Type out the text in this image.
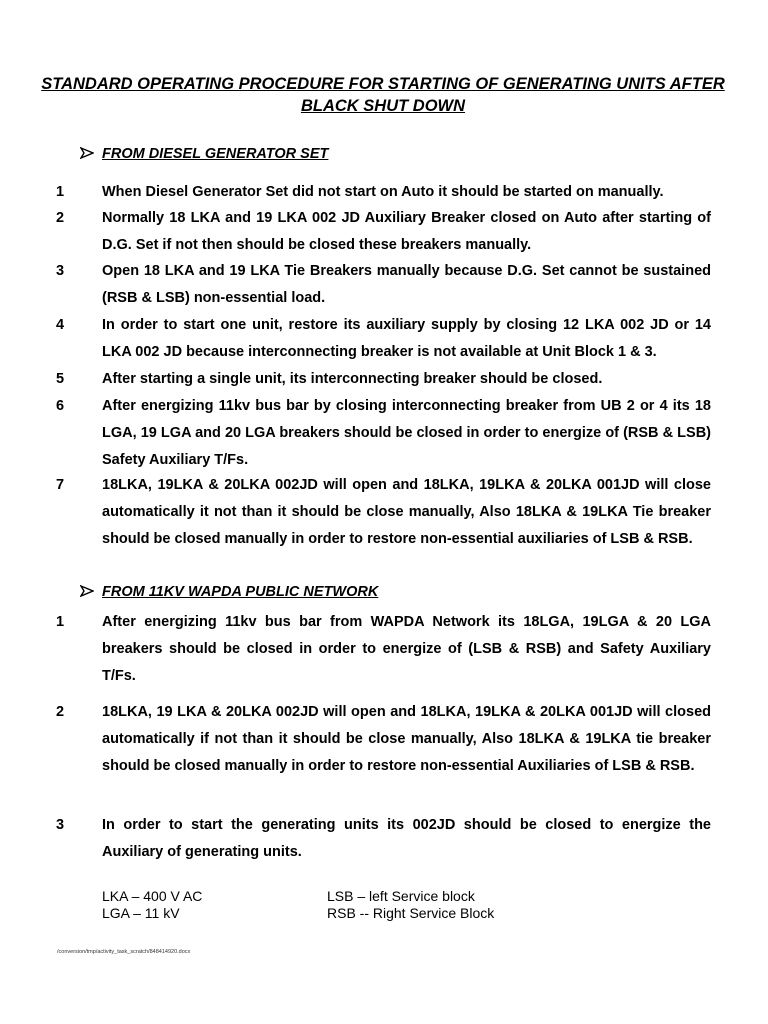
STANDARD OPERATING PROCEDURE FOR STARTING OF GENERATING UNITS AFTER BLACK SHUT DOWN
FROM DIESEL GENERATOR SET
1	When Diesel Generator Set did not start on Auto it should be started on manually.
2	Normally 18 LKA and 19 LKA 002 JD Auxiliary Breaker closed on Auto after starting of D.G. Set if not then should be closed these breakers manually.
3	Open 18 LKA and 19 LKA Tie Breakers manually because D.G. Set cannot be sustained (RSB & LSB) non-essential load.
4	In order to start one unit, restore its auxiliary supply by closing 12 LKA 002 JD or 14 LKA 002 JD because interconnecting breaker is not available at Unit Block 1 & 3.
5	After starting a single unit, its interconnecting breaker should be closed.
6	After energizing 11kv bus bar by closing interconnecting breaker from UB 2 or 4 its 18 LGA, 19 LGA and 20 LGA breakers should be closed in order to energize of (RSB & LSB) Safety Auxiliary T/Fs.
7	18LKA, 19LKA & 20LKA 002JD will open and 18LKA, 19LKA & 20LKA 001JD will close automatically it not than it should be close manually, Also 18LKA & 19LKA Tie breaker should be closed manually in order to restore non-essential auxiliaries of LSB & RSB.
FROM 11KV WAPDA PUBLIC NETWORK
1	After energizing 11kv bus bar from WAPDA Network its 18LGA, 19LGA & 20 LGA breakers should be closed in order to energize of (LSB & RSB) and Safety Auxiliary T/Fs.
2	18LKA, 19 LKA & 20LKA 002JD will open and 18LKA, 19LKA & 20LKA 001JD will closed automatically if not than it should be close manually, Also 18LKA & 19LKA tie breaker should be closed manually in order to restore non-essential Auxiliaries of LSB & RSB.
3	In order to start the generating units its 002JD should be closed to energize the Auxiliary of generating units.
LKA – 400 V AC
LGA – 11 kV
LSB – left Service block
RSB -- Right Service Block
/conversion/tmp/activity_task_scratch/848414920.docx
